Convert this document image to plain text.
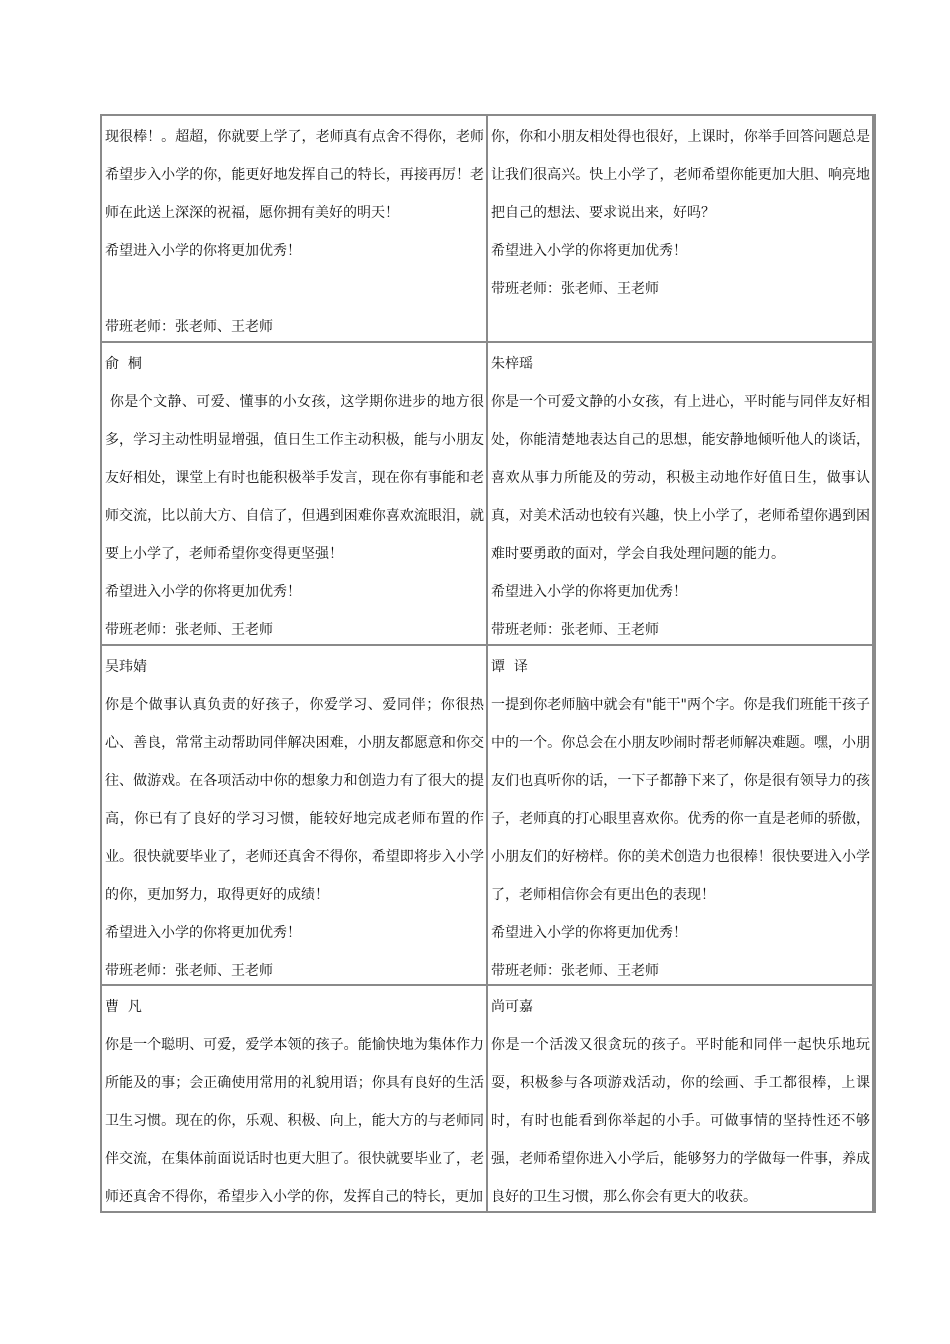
现很棒！。超超，你就要上学了，老师真有点舍不得你，老师希望步入小学的你，能更好地发挥自己的特长，再接再厉！老师在此送上深深的祝福，愿你拥有美好的明天！

希望进入小学的你将更加优秀！

带班老师：张老师、王老师

你，你和小朋友相处得也很好，上课时，你举手回答问题总是让我们很高兴。快上小学了，老师希望你能更加大胆、响亮地把自己的想法、要求说出来，好吗？

希望进入小学的你将更加优秀！

带班老师：张老师、王老师

俞  桐

你是个文静、可爱、懂事的小女孩，这学期你进步的地方很多，学习主动性明显增强，值日生工作主动积极，能与小朋友友好相处，课堂上有时也能积极举手发言，现在你有事能和老师交流，比以前大方、自信了，但遇到困难你喜欢流眼泪，就要上小学了，老师希望你变得更坚强！

希望进入小学的你将更加优秀！

带班老师：张老师、王老师

朱梓瑶

你是一个可爱文静的小女孩，有上进心，平时能与同伴友好相处，你能清楚地表达自己的思想，能安静地倾听他人的谈话，喜欢从事力所能及的劳动，积极主动地作好值日生，做事认真，对美术活动也较有兴趣，快上小学了，老师希望你遇到困难时要勇敢的面对，学会自我处理问题的能力。

希望进入小学的你将更加优秀！

带班老师：张老师、王老师

吴玮婧

你是个做事认真负责的好孩子，你爱学习、爱同伴；你很热心、善良，常常主动帮助同伴解决困难，小朋友都愿意和你交往、做游戏。在各项活动中你的想象力和创造力有了很大的提高，你已有了良好的学习习惯，能较好地完成老师布置的作业。很快就要毕业了，老师还真舍不得你，希望即将步入小学的你，更加努力，取得更好的成绩！

希望进入小学的你将更加优秀！

带班老师：张老师、王老师

谭  译

一提到你老师脑中就会有"能干"两个字。你是我们班能干孩子中的一个。你总会在小朋友吵闹时帮老师解决难题。嘿，小朋友们也真听你的话，一下子都静下来了，你是很有领导力的孩子，老师真的打心眼里喜欢你。优秀的你一直是老师的骄傲，小朋友们的好榜样。你的美术创造力也很棒！很快要进入小学了，老师相信你会有更出色的表现！

希望进入小学的你将更加优秀！

带班老师：张老师、王老师

曹  凡

你是一个聪明、可爱，爱学本领的孩子。能愉快地为集体作力所能及的事；会正确使用常用的礼貌用语；你具有良好的生活卫生习惯。现在的你，乐观、积极、向上，能大方的与老师同伴交流，在集体前面说话时也更大胆了。很快就要毕业了，老师还真舍不得你，希望步入小学的你，发挥自己的特长，更加

尚可嘉

你是一个活泼又很贪玩的孩子。平时能和同伴一起快乐地玩耍，积极参与各项游戏活动，你的绘画、手工都很棒，上课时，有时也能看到你举起的小手。可做事情的坚持性还不够强，老师希望你进入小学后，能够努力的学做每一件事，养成良好的卫生习惯，那么你会有更大的收获。
